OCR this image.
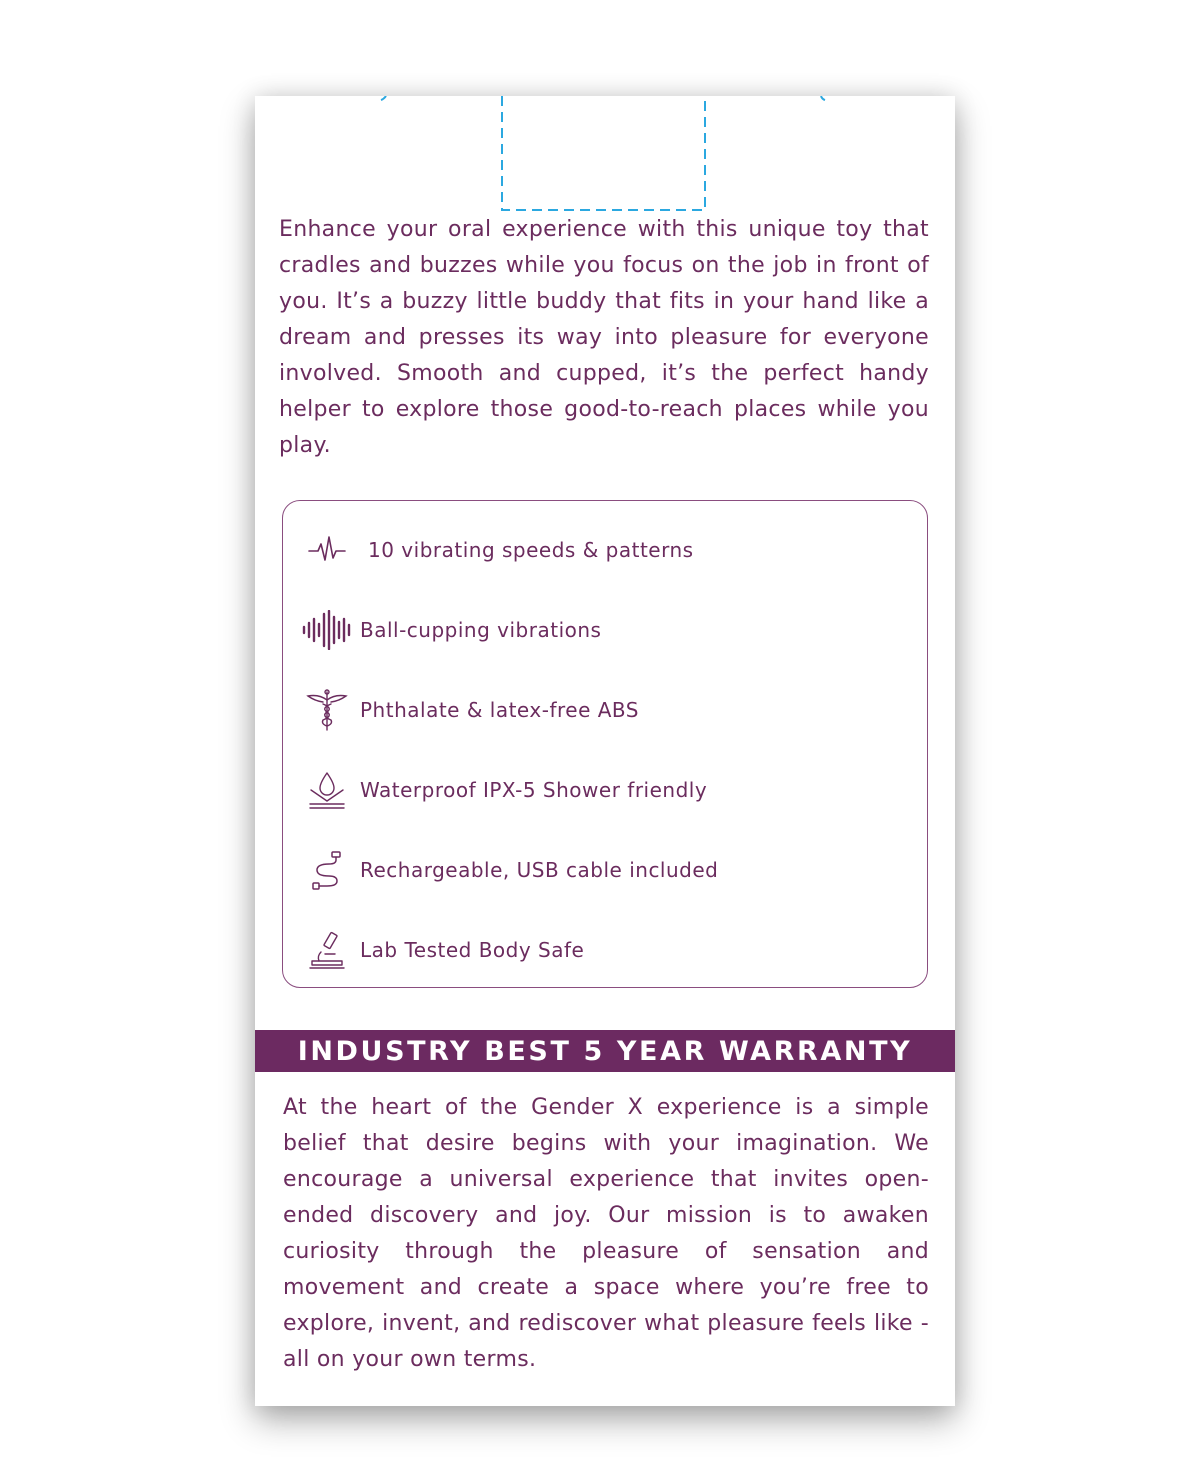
Enhance your oral experience with this unique toy that cradles and buzzes while you focus on the job in front of you. It’s a buzzy little buddy that fits in your hand like a dream and presses its way into pleasure for everyone involved. Smooth and cupped, it’s the perfect handy helper to explore those good-to-reach places while you play.

10 vibrating speeds & patterns
Ball-cupping vibrations
Phthalate & latex-free ABS
Waterproof IPX-5 Shower friendly
Rechargeable, USB cable included
Lab Tested Body Safe
INDUSTRY BEST 5 YEAR WARRANTY

At the heart of the Gender X experience is a simple belief that desire begins with your imagination. We encourage a universal experience that invites open-ended discovery and joy. Our mission is to awaken curiosity through the pleasure of sensation and movement and create a space where you’re free to explore, invent, and rediscover what pleasure feels like - all on your own terms.
